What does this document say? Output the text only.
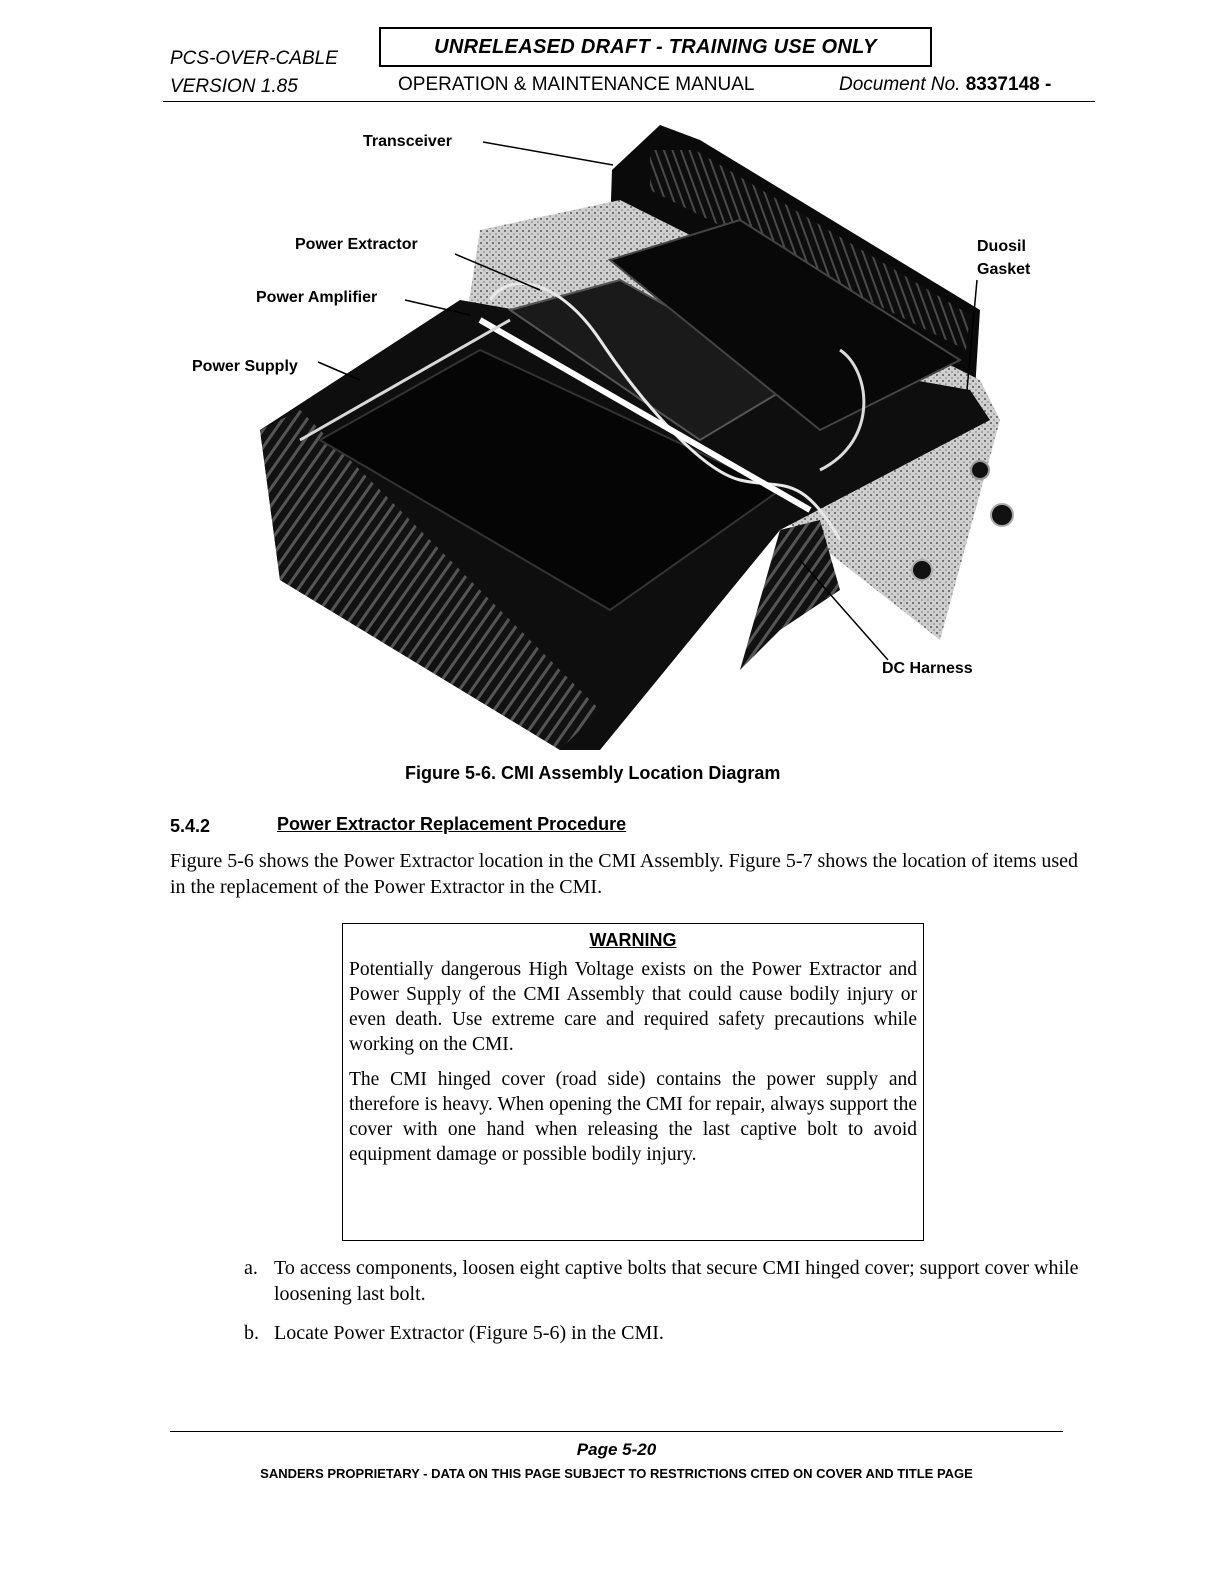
PCS-OVER-CABLE
VERSION 1.85
UNRELEASED DRAFT - TRAINING USE ONLY
OPERATION & MAINTENANCE MANUAL	Document No. 8337148 -
Transceiver
Power Extractor
Power Amplifier
Power Supply
Duosil
Gasket
DC Harness
Figure 5-6. CMI Assembly Location Diagram
5.4.2	Power Extractor Replacement Procedure
Figure 5-6 shows the Power Extractor location in the CMI Assembly. Figure 5-7 shows the location of items used in the replacement of the Power Extractor in the CMI.
WARNING

Potentially dangerous High Voltage exists on the Power Extractor and Power Supply of the CMI Assembly that could cause bodily injury or even death. Use extreme care and required safety precautions while working on the CMI.

The CMI hinged cover (road side) contains the power supply and therefore is heavy. When opening the CMI for repair, always support the cover with one hand when releasing the last captive bolt to avoid equipment damage or possible bodily injury.

a. To access components, loosen eight captive bolts that secure CMI hinged cover; support cover while loosening last bolt.
b. Locate Power Extractor (Figure 5-6) in the CMI.
Page 5-20
SANDERS PROPRIETARY - DATA ON THIS PAGE SUBJECT TO RESTRICTIONS CITED ON COVER AND TITLE PAGE
